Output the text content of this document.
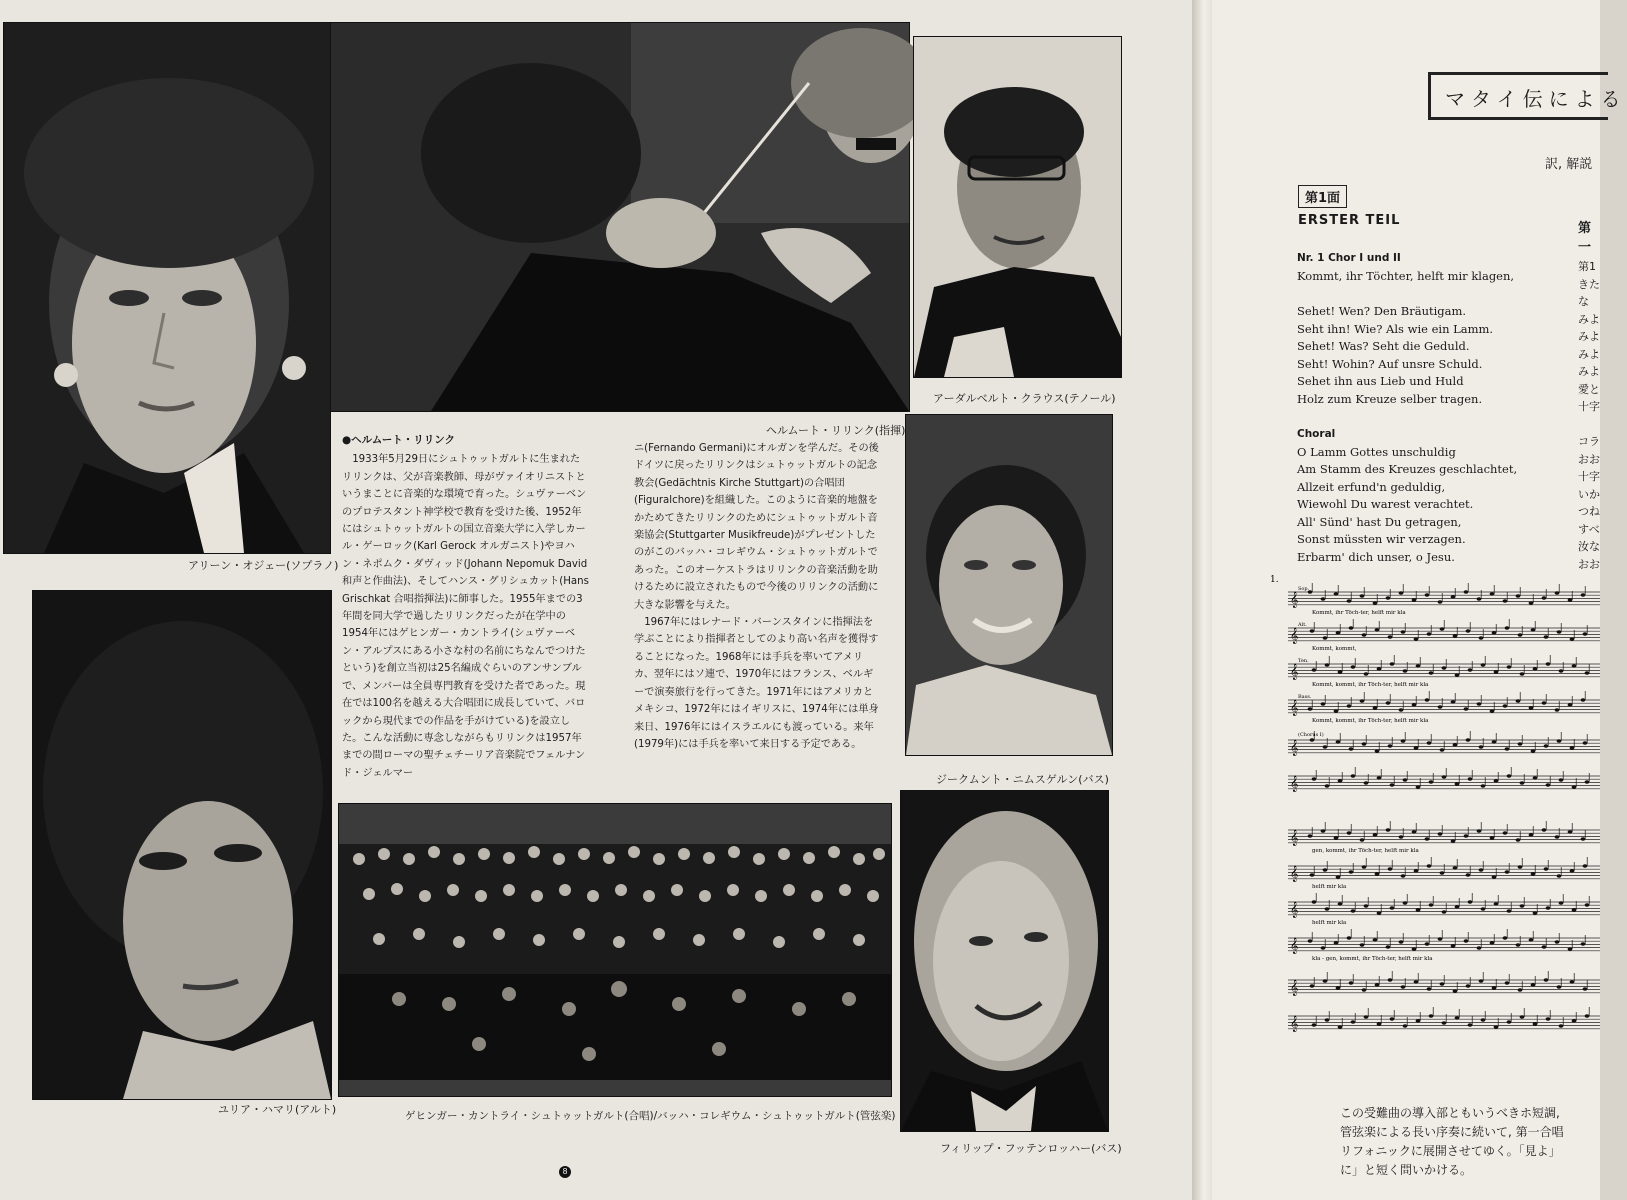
アリーン・オジェー(ソプラノ)
ヘルムート・リリンク(指揮)
アーダルベルト・クラウス(テノール)
●ヘルムート・リリンク

1933年5月29日にシュトゥットガルトに生まれたリリンクは、父が音楽教師、母がヴァイオリニストというまことに音楽的な環境で育った。シュヴァーベンのプロテスタント神学校で教育を受けた後、1952年にはシュトゥットガルトの国立音楽大学に入学しカール・ゲーロック(Karl Gerock オルガニスト)やヨハン・ネポムク・ダヴィッド(Johann Nepomuk David 和声と作曲法)、そしてハンス・グリシュカット(Hans Grischkat 合唱指揮法)に師事した。1955年までの3年間を同大学で過したリリンクだったが在学中の1954年にはゲヒンガー・カントライ(シュヴァーベン・アルプスにある小さな村の名前にちなんでつけたという)を創立当初は25名編成ぐらいのアンサンブルで、メンバーは全員専門教育を受けた者であった。現在では100名を越える大合唱団に成長していて、バロックから現代までの作品を手がけている)を設立した。こんな活動に専念しながらもリリンクは1957年までの間ローマの聖チェチーリア音楽院でフェルナンド・ジェルマー

ニ(Fernando Germani)にオルガンを学んだ。その後ドイツに戻ったリリンクはシュトゥットガルトの記念教会(Gedächtnis Kirche Stuttgart)の合唱団(Figuralchore)を組織した。このように音楽的地盤をかためてきたリリンクのためにシュトゥットガルト音楽協会(Stuttgarter Musikfreude)がプレゼントしたのがこのバッハ・コレギウム・シュトゥットガルトであった。このオーケストラはリリンクの音楽活動を助けるために設立されたもので今後のリリンクの活動に大きな影響を与えた。

1967年にはレナード・バーンスタインに指揮法を学ぶことにより指揮者としてのより高い名声を獲得することになった。1968年には手兵を率いてアメリカ、翌年にはソ連で、1970年にはフランス、ベルギーで演奏旅行を行ってきた。1971年にはアメリカとメキシコ、1972年にはイギリスに、1974年には単身来日、1976年にはイスラエルにも渡っている。来年(1979年)には手兵を率いて来日する予定である。

ジークムント・ニムスゲルン(バス)
ユリア・ハマリ(アルト)	ゲヒンガー・カントライ・シュトゥットガルト(合唱)/バッハ・コレギウム・シュトゥットガルト(管弦楽)
フィリップ・フッテンロッハー(バス)
8
マタイ伝による
訳, 解説
第1面
ERSTER TEIL
第一
Nr. 1 Chor I und II
Kommt, ihr Töchter, helft mir klagen,
Sehet! Wen? Den Bräutigam.
Seht ihn! Wie? Als wie ein Lamm.
Sehet! Was? Seht die Geduld.
Seht! Wohin? Auf unsre Schuld.
Sehet ihn aus Lieb und Huld
Holz zum Kreuze selber tragen.
Choral
O Lamm Gottes unschuldig
Am Stamm des Kreuzes geschlachtet,
Allzeit erfund'n geduldig,
Wiewohl Du warest verachtet.
All' Sünd' hast Du getragen,
Sonst müssten wir verzagen.
Erbarm' dich unser, o Jesu.
第1
きた
な
みよ
みよ
みよ
みよ
愛と
十字
コラ
おお
十字
いか
つね
すべ
汝な
おお
1.
𝄞
Kommt, ihr Töch-ter, helft mir kla
𝄞
Kommt, kommt,
𝄞
Kommt, kommt, ihr Töch-ter, helft mir kla
𝄞
Kommt, kommt, ihr Töch-ter, helft mir kla
𝄞
𝄞
𝄞
gen, kommt, ihr Töch-ter, helft mir kla
𝄞
helft mir kla
𝄞
helft mir kla
𝄞
kla - gen, kommt, ihr Töch-ter, helft mir kla
𝄞
𝄞
Sop.
Alt.
Ten.
Bass.
(Chorus I)
この受難曲の導入部ともいうべきホ短調,
管弦楽による長い序奏に続いて, 第一合唱
リフォニックに展開させてゆく。「見よ」
に」と短く問いかける。
